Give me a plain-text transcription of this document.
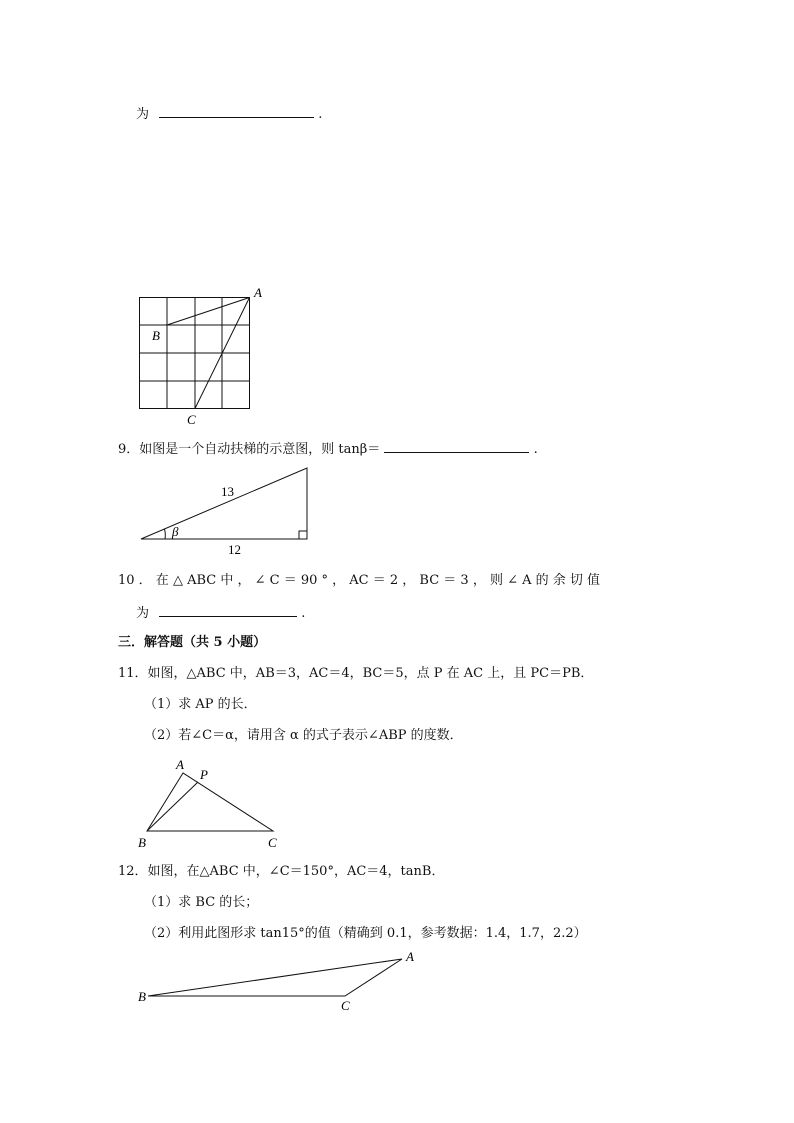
为	.
A
B
C
13
12
β
A
P
B	C
A
B
C
9．如图是一个自动扶梯的示意图，则 tanβ＝	.
10 ． 在 △ ABC 中 ， ∠ C ＝ 90 ° ， AC ＝ 2 ， BC ＝ 3 ， 则 ∠ A 的 余 切 值
为	.
三．解答题（共 5 小题）
11．如图，△ABC 中，AB＝3，AC＝4，BC＝5，点 P 在 AC 上，且 PC＝PB．
（1）求 AP 的长．
（2）若∠C＝α，请用含 α 的式子表示∠ABP 的度数．
12．如图，在△ABC 中，∠C＝150°，AC＝4，tanB．
（1）求 BC 的长；
（2）利用此图形求 tan15°的值（精确到 0.1，参考数据：1.4，1.7，2.2）
